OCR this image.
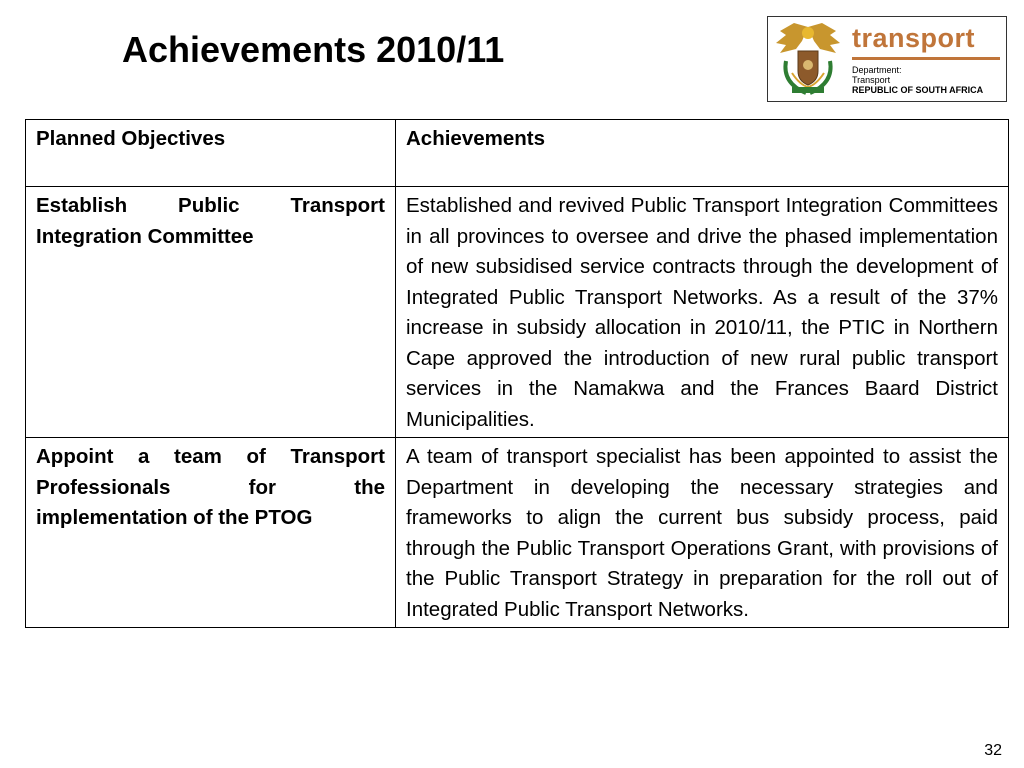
Achievements 2010/11	transport
Department:
Transport
REPUBLIC OF SOUTH AFRICA
Planned Objectives	Achievements
Establish Public Transport Integration Committee	Established and revived Public Transport Integration Committees in all provinces to oversee and drive the phased implementation of new subsidised service contracts through the development of Integrated Public Transport Networks. As a result of the 37% increase in subsidy allocation in 2010/11, the PTIC in Northern Cape approved the introduction of new rural public transport services in the Namakwa and the Frances Baard District Municipalities.
Appoint a team of Transport Professionals for the implementation of the PTOG	A team of transport specialist has been appointed to assist the Department in developing the necessary strategies and frameworks to align the current bus subsidy process, paid through the Public Transport Operations Grant, with provisions of the Public Transport Strategy in preparation for the roll out of Integrated Public Transport Networks.
32
